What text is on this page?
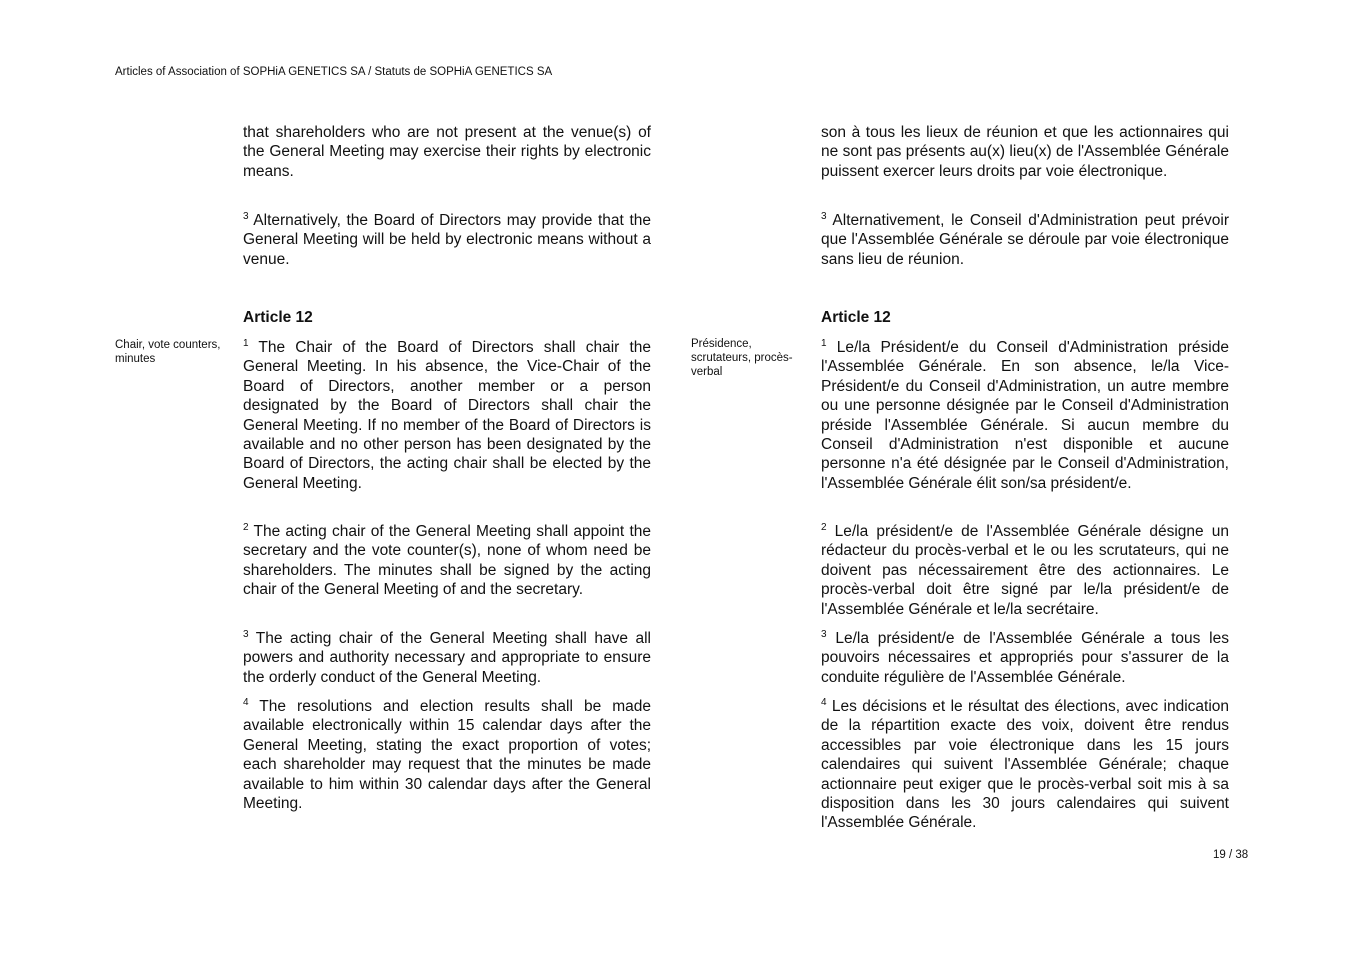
Articles of Association of SOPHiA GENETICS SA / Statuts de SOPHiA GENETICS SA
that shareholders who are not present at the venue(s) of the General Meeting may exercise their rights by electronic means.
$^3$ Alternatively, the Board of Directors may provide that the General Meeting will be held by electronic means without a venue.
Article 12
Chair, vote counters, minutes
$^1$ The Chair of the Board of Directors shall chair the General Meeting. In his absence, the Vice-Chair of the Board of Directors, another member or a person designated by the Board of Directors shall chair the General Meeting. If no member of the Board of Directors is available and no other person has been designated by the Board of Directors, the acting chair shall be elected by the General Meeting.
$^2$ The acting chair of the General Meeting shall appoint the secretary and the vote counter(s), none of whom need be shareholders. The minutes shall be signed by the acting chair of the General Meeting of and the secretary.
$^3$ The acting chair of the General Meeting shall have all powers and authority necessary and appropriate to ensure the orderly conduct of the General Meeting.
$^4$ The resolutions and election results shall be made available electronically within 15 calendar days after the General Meeting, stating the exact proportion of votes; each shareholder may request that the minutes be made available to him within 30 calendar days after the General Meeting.
son à tous les lieux de réunion et que les actionnaires qui ne sont pas présents au(x) lieu(x) de l'Assemblée Générale puissent exercer leurs droits par voie électronique.
$^3$ Alternativement, le Conseil d'Administration peut prévoir que l'Assemblée Générale se déroule par voie électronique sans lieu de réunion.
Article 12
Présidence, scrutateurs, procès-verbal
$^1$ Le/la Président/e du Conseil d'Administration préside l'Assemblée Générale. En son absence, le/la Vice-Président/e du Conseil d'Administration, un autre membre ou une personne désignée par le Conseil d'Administration préside l'Assemblée Générale. Si aucun membre du Conseil d'Administration n'est disponible et aucune personne n'a été désignée par le Conseil d'Administration, l'Assemblée Générale élit son/sa président/e.
$^2$ Le/la président/e de l'Assemblée Générale désigne un rédacteur du procès-verbal et le ou les scrutateurs, qui ne doivent pas nécessairement être des actionnaires. Le procès-verbal doit être signé par le/la président/e de l'Assemblée Générale et le/la secrétaire.
$^3$ Le/la président/e de l'Assemblée Générale a tous les pouvoirs nécessaires et appropriés pour s'assurer de la conduite régulière de l'Assemblée Générale.
$^4$ Les décisions et le résultat des élections, avec indication de la répartition exacte des voix, doivent être rendus accessibles par voie électronique dans les 15 jours calendaires qui suivent l'Assemblée Générale; chaque actionnaire peut exiger que le procès-verbal soit mis à sa disposition dans les 30 jours calendaires qui suivent l'Assemblée Générale.
19 / 38
